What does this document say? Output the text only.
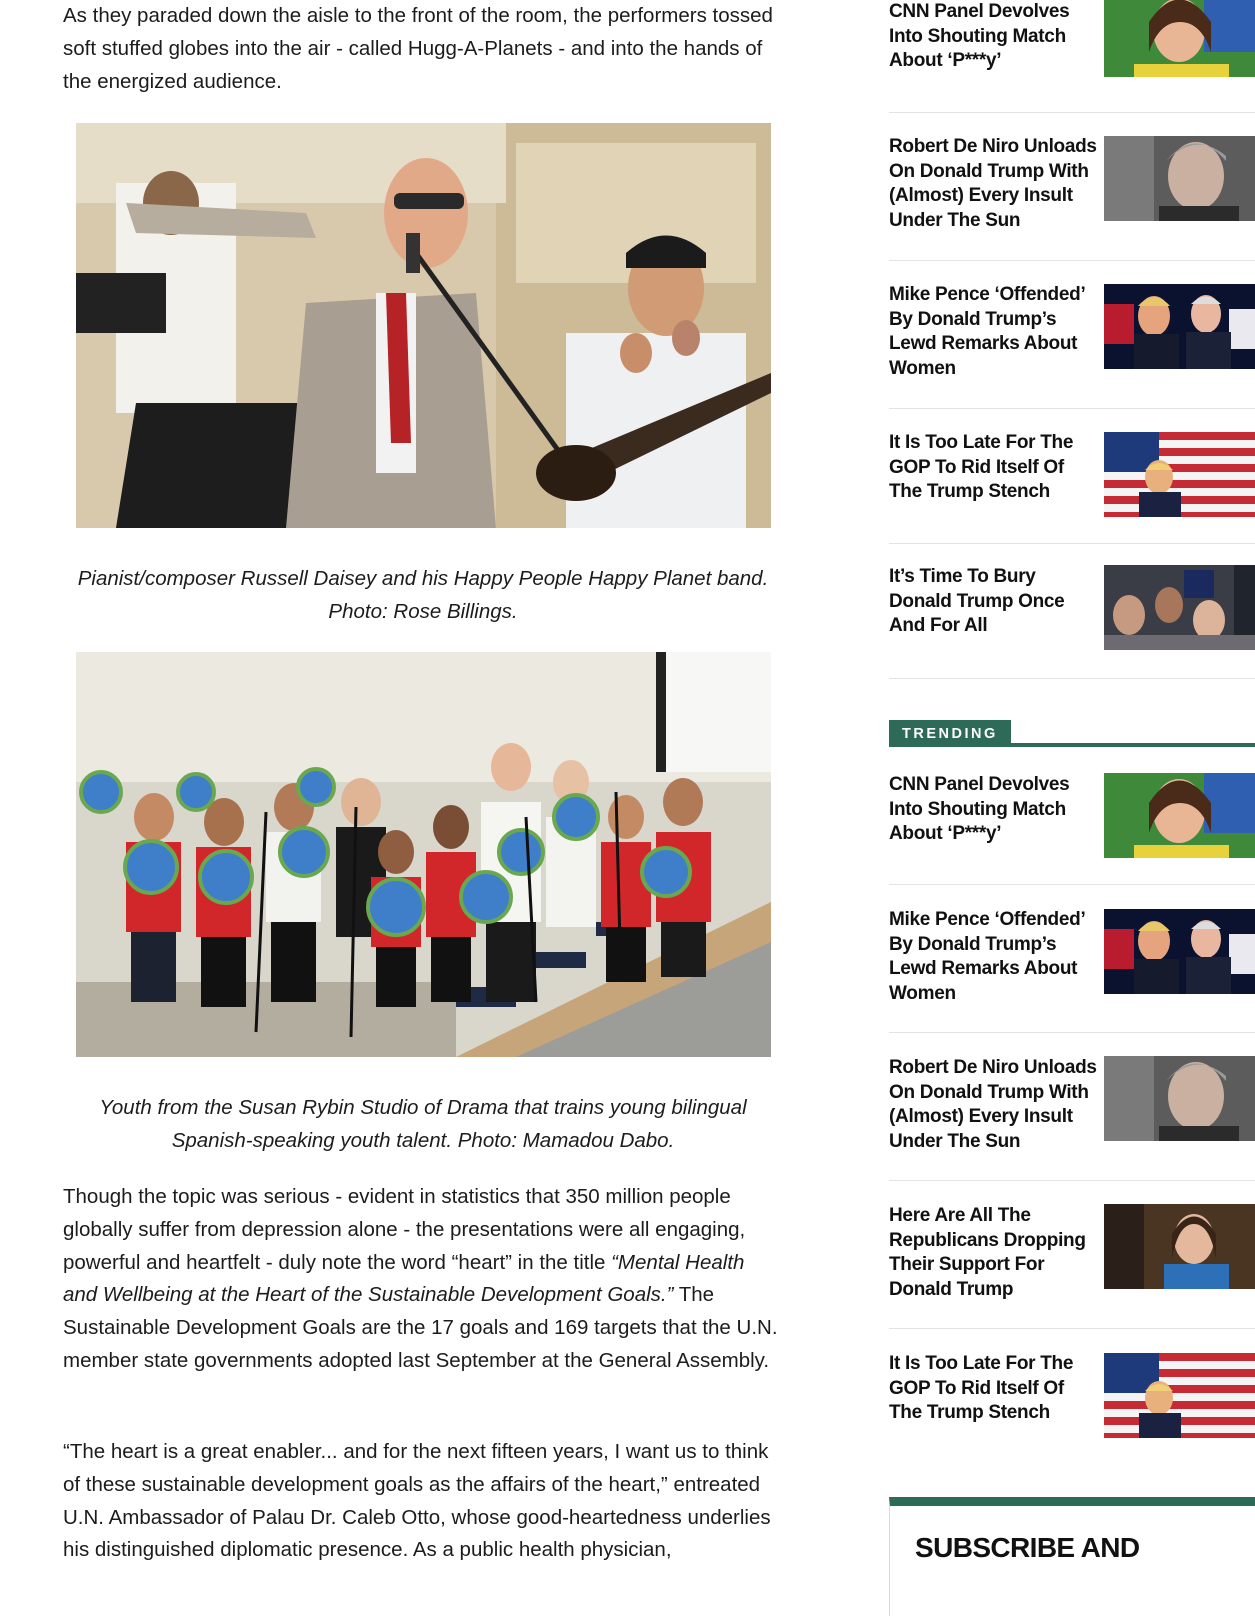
As they paraded down the aisle to the front of the room, the performers tossed soft stuffed globes into the air - called Hugg-A-Planets - and into the hands of the energized audience.

Pianist/composer Russell Daisey and his Happy People Happy Planet band.
Photo: Rose Billings.
Youth from the Susan Rybin Studio of Drama that trains young bilingual
Spanish-speaking youth talent. Photo: Mamadou Dabo.

Though the topic was serious - evident in statistics that 350 million people globally suffer from depression alone - the presentations were all engaging, powerful and heartfelt - duly note the word “heart” in the title “Mental Health and Wellbeing at the Heart of the Sustainable Development Goals.” The Sustainable Development Goals are the 17 goals and 169 targets that the U.N. member state governments adopted last September at the General Assembly.

“The heart is a great enabler... and for the next fifteen years, I want us to think of these sustainable development goals as the affairs of the heart,” entreated U.N. Ambassador of Palau Dr. Caleb Otto, whose good-heartedness underlies his distinguished diplomatic presence. As a public health physician,

CNN Panel Devolves Into Shouting Match About ‘P***y’
Robert De Niro Unloads On Donald Trump With (Almost) Every Insult Under The Sun
Mike Pence ‘Offended’ By Donald Trump’s Lewd Remarks About Women
It Is Too Late For The GOP To Rid Itself Of The Trump Stench
It’s Time To Bury Donald Trump Once And For All
TRENDING
CNN Panel Devolves Into Shouting Match About ‘P***y’
Mike Pence ‘Offended’ By Donald Trump’s Lewd Remarks About Women
Robert De Niro Unloads On Donald Trump With (Almost) Every Insult Under The Sun
Here Are All The Republicans Dropping Their Support For Donald Trump
It Is Too Late For The GOP To Rid Itself Of The Trump Stench
SUBSCRIBE AND
